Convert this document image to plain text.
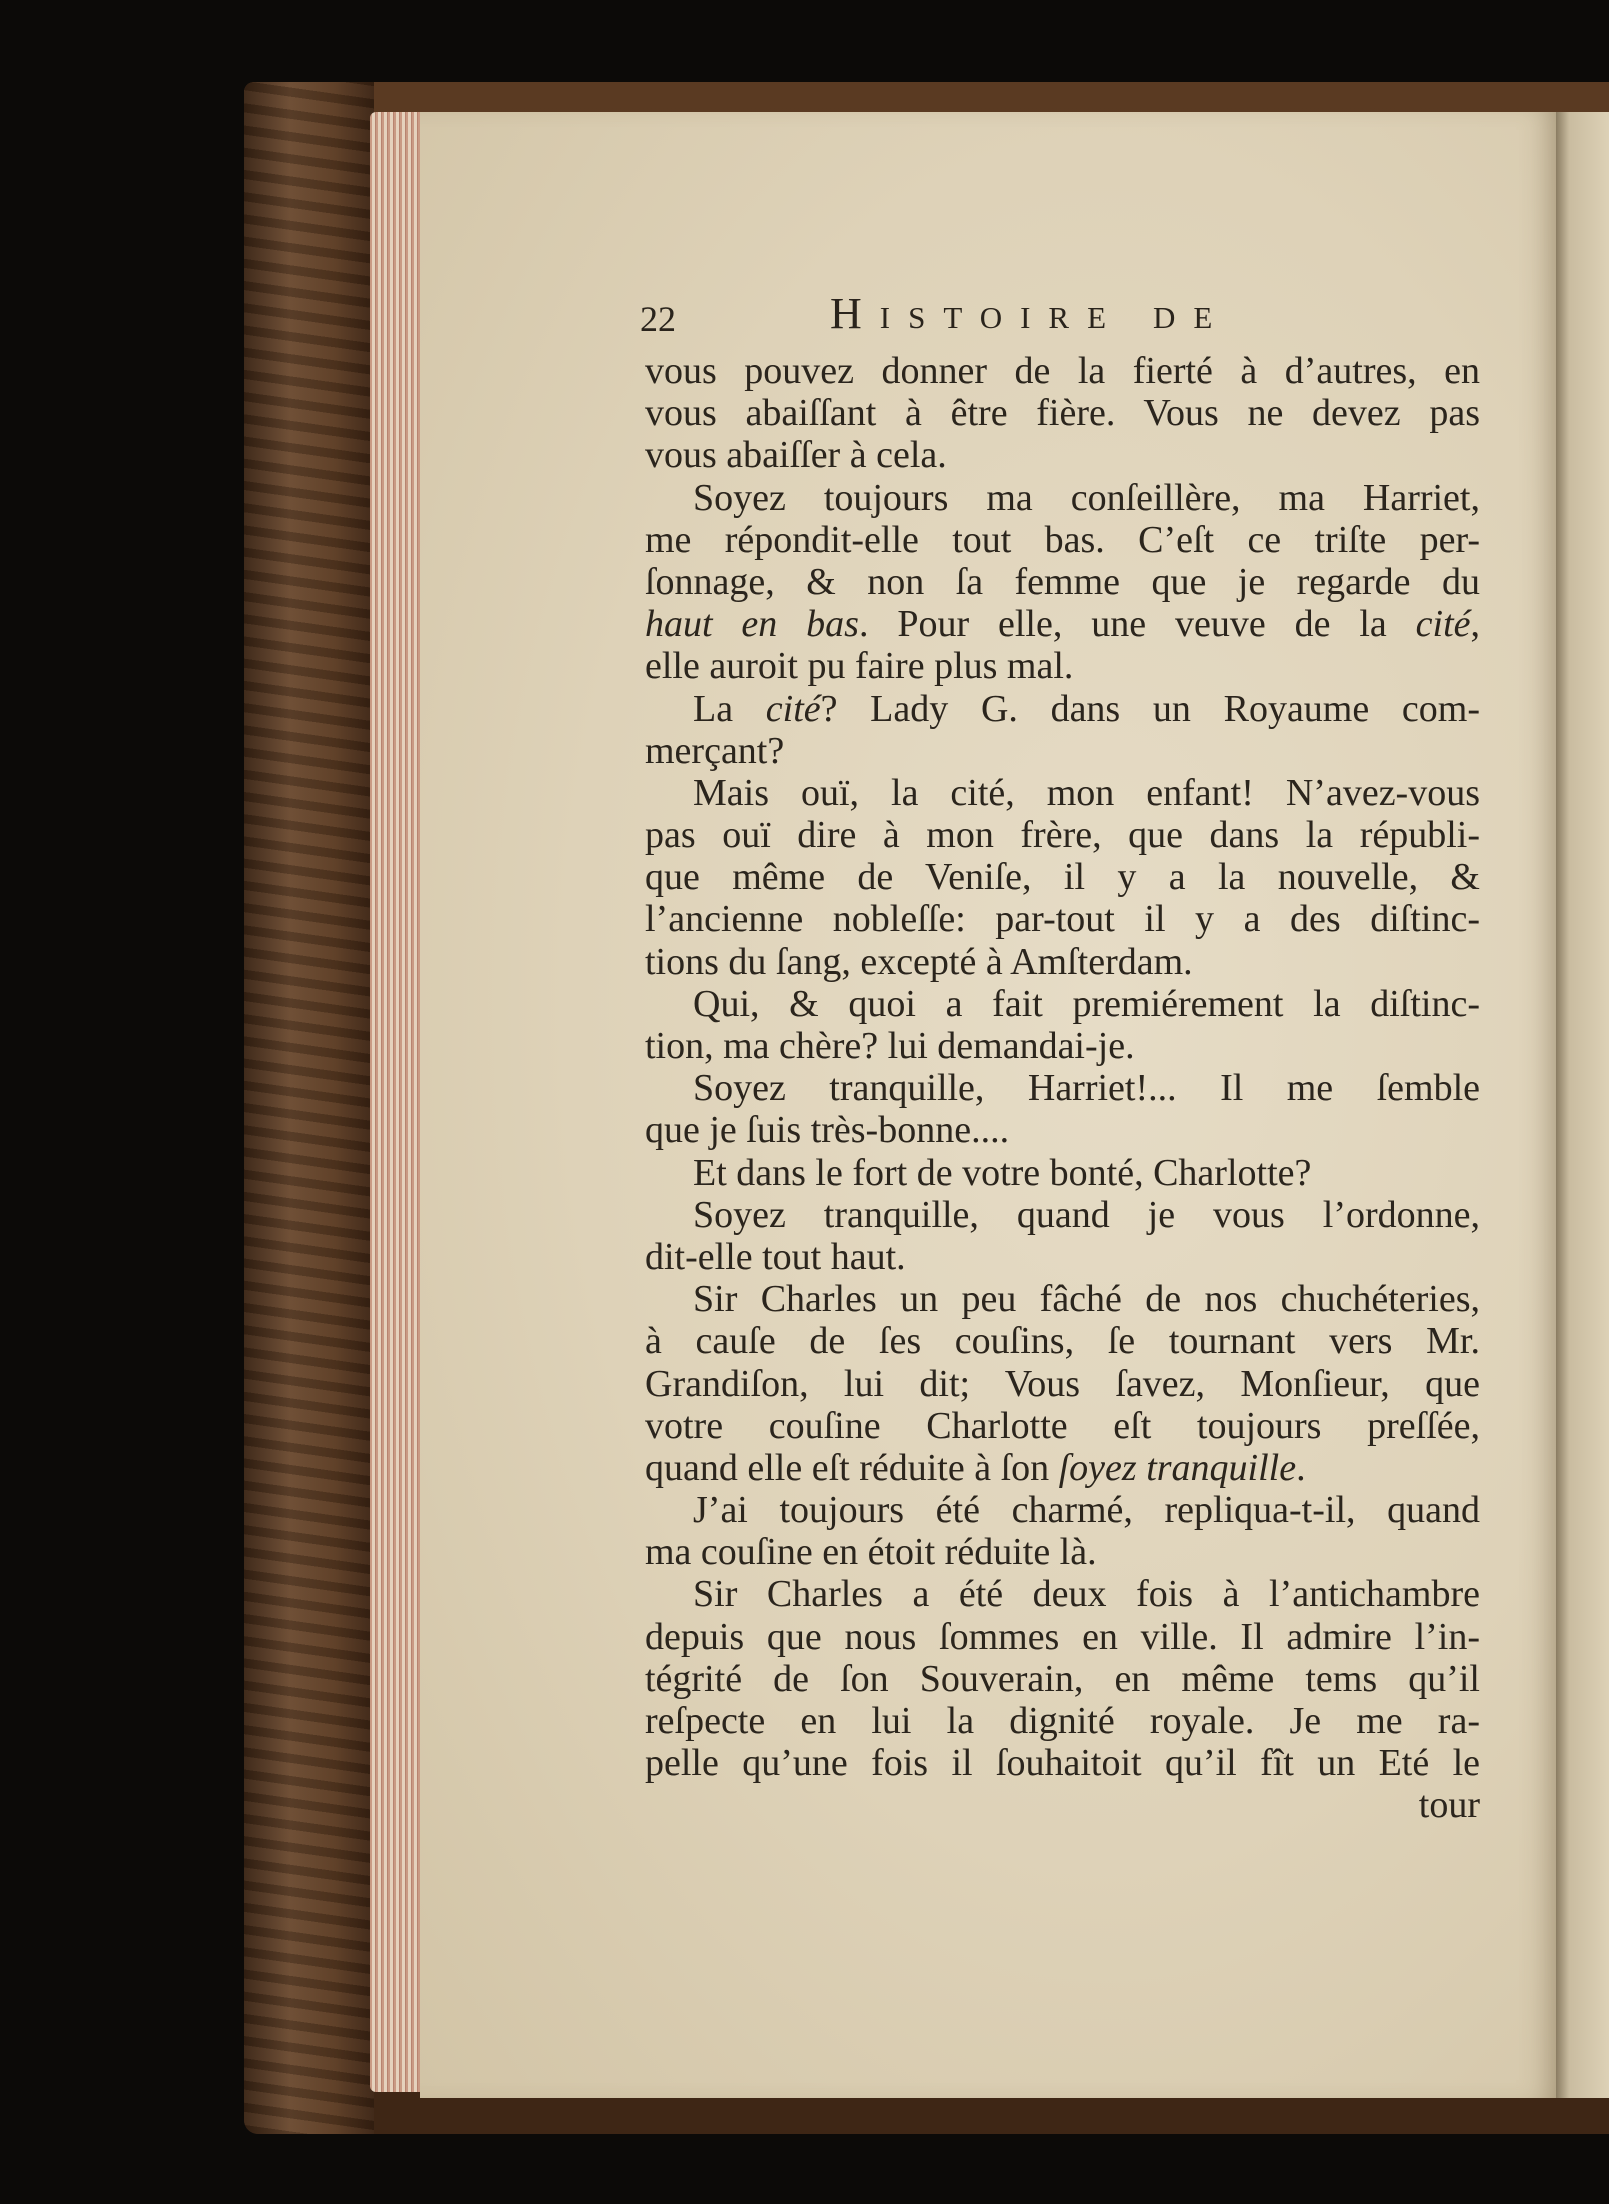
22	Histoire de
vous pouvez donner de la fierté à d’autres, en
vous abaiſſant à être fière. Vous ne devez pas
vous abaiſſer à cela.
Soyez toujours ma conſeillère, ma Harriet,
me répondit-elle tout bas. C’eſt ce triſte per-
ſonnage, & non ſa femme que je regarde du
haut en bas. Pour elle, une veuve de la cité,
elle auroit pu faire plus mal.
La cité? Lady G. dans un Royaume com-
merçant?
Mais ouï, la cité, mon enfant! N’avez-vous
pas ouï dire à mon frère, que dans la républi-
que même de Veniſe, il y a la nouvelle, &
l’ancienne nobleſſe: par-tout il y a des diſtinc-
tions du ſang, excepté à Amſterdam.
Qui, & quoi a fait premiérement la diſtinc-
tion, ma chère? lui demandai-je.
Soyez tranquille, Harriet!... Il me ſemble
que je ſuis très-bonne....
Et dans le fort de votre bonté, Charlotte?
Soyez tranquille, quand je vous l’ordonne,
dit-elle tout haut.
Sir Charles un peu fâché de nos chuchéteries,
à cauſe de ſes couſins, ſe tournant vers Mr.
Grandiſon, lui dit; Vous ſavez, Monſieur, que
votre couſine Charlotte eſt toujours preſſée,
quand elle eſt réduite à ſon ſoyez tranquille.
J’ai toujours été charmé, repliqua-t-il, quand
ma couſine en étoit réduite là.
Sir Charles a été deux fois à l’antichambre
depuis que nous ſommes en ville. Il admire l’in-
tégrité de ſon Souverain, en même tems qu’il
reſpecte en lui la dignité royale. Je me ra-
pelle qu’une fois il ſouhaitoit qu’il fît un Eté le
tour
